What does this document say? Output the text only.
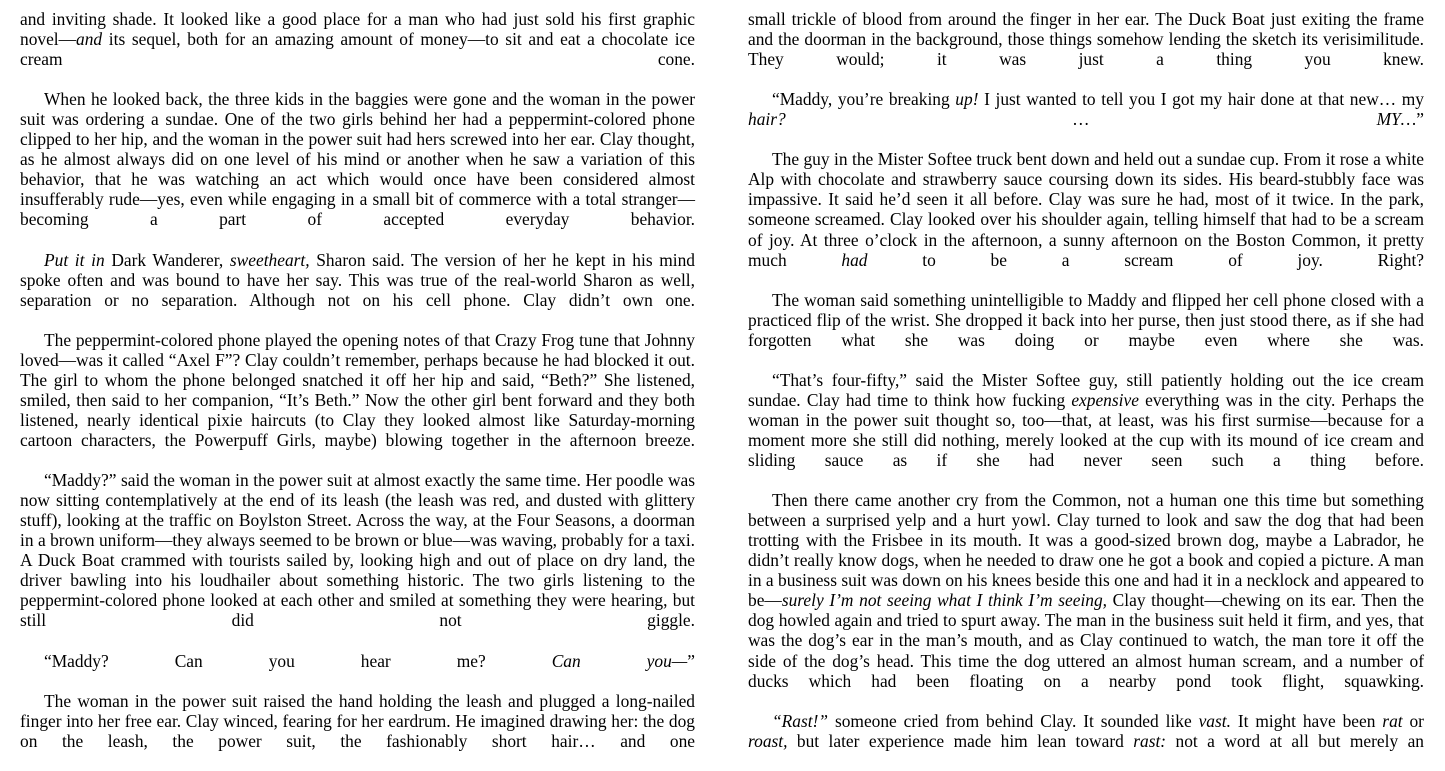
and inviting shade. It looked like a good place for a man who had just sold his first graphic novel—and its sequel, both for an amazing amount of money—to sit and eat a chocolate ice cream cone.

When he looked back, the three kids in the baggies were gone and the woman in the power suit was ordering a sundae. One of the two girls behind her had a peppermint-colored phone clipped to her hip, and the woman in the power suit had hers screwed into her ear. Clay thought, as he almost always did on one level of his mind or another when he saw a variation of this behavior, that he was watching an act which would once have been considered almost insufferably rude—yes, even while engaging in a small bit of commerce with a total stranger—becoming a part of accepted everyday behavior.

Put it in Dark Wanderer, sweetheart, Sharon said. The version of her he kept in his mind spoke often and was bound to have her say. This was true of the real-world Sharon as well, separation or no separation. Although not on his cell phone. Clay didn’t own one.

The peppermint-colored phone played the opening notes of that Crazy Frog tune that Johnny loved—was it called “Axel F”? Clay couldn’t remember, perhaps because he had blocked it out. The girl to whom the phone belonged snatched it off her hip and said, “Beth?” She listened, smiled, then said to her companion, “It’s Beth.” Now the other girl bent forward and they both listened, nearly identical pixie haircuts (to Clay they looked almost like Saturday-morning cartoon characters, the Powerpuff Girls, maybe) blowing together in the afternoon breeze.

“Maddy?” said the woman in the power suit at almost exactly the same time. Her poodle was now sitting contemplatively at the end of its leash (the leash was red, and dusted with glittery stuff), looking at the traffic on Boylston Street. Across the way, at the Four Seasons, a doorman in a brown uniform—they always seemed to be brown or blue—was waving, probably for a taxi. A Duck Boat crammed with tourists sailed by, looking high and out of place on dry land, the driver bawling into his loudhailer about something historic. The two girls listening to the peppermint-colored phone looked at each other and smiled at something they were hearing, but still did not giggle.

“Maddy? Can you hear me? Can you—”

The woman in the power suit raised the hand holding the leash and plugged a long-nailed finger into her free ear. Clay winced, fearing for her eardrum. He imagined drawing her: the dog on the leash, the power suit, the fashionably short hair… and one

small trickle of blood from around the finger in her ear. The Duck Boat just exiting the frame and the doorman in the background, those things somehow lending the sketch its verisimilitude. They would; it was just a thing you knew.

“Maddy, you’re breaking up! I just wanted to tell you I got my hair done at that new… my hair? … MY…”

The guy in the Mister Softee truck bent down and held out a sundae cup. From it rose a white Alp with chocolate and strawberry sauce coursing down its sides. His beard-stubbly face was impassive. It said he’d seen it all before. Clay was sure he had, most of it twice. In the park, someone screamed. Clay looked over his shoulder again, telling himself that had to be a scream of joy. At three o’clock in the afternoon, a sunny afternoon on the Boston Common, it pretty much had to be a scream of joy. Right?

The woman said something unintelligible to Maddy and flipped her cell phone closed with a practiced flip of the wrist. She dropped it back into her purse, then just stood there, as if she had forgotten what she was doing or maybe even where she was.

“That’s four-fifty,” said the Mister Softee guy, still patiently holding out the ice cream sundae. Clay had time to think how fucking expensive everything was in the city. Perhaps the woman in the power suit thought so, too—that, at least, was his first surmise—because for a moment more she still did nothing, merely looked at the cup with its mound of ice cream and sliding sauce as if she had never seen such a thing before.

Then there came another cry from the Common, not a human one this time but something between a surprised yelp and a hurt yowl. Clay turned to look and saw the dog that had been trotting with the Frisbee in its mouth. It was a good-sized brown dog, maybe a Labrador, he didn’t really know dogs, when he needed to draw one he got a book and copied a picture. A man in a business suit was down on his knees beside this one and had it in a necklock and appeared to be—surely I’m not seeing what I think I’m seeing, Clay thought—chewing on its ear. Then the dog howled again and tried to spurt away. The man in the business suit held it firm, and yes, that was the dog’s ear in the man’s mouth, and as Clay continued to watch, the man tore it off the side of the dog’s head. This time the dog uttered an almost human scream, and a number of ducks which had been floating on a nearby pond took flight, squawking.

“Rast!” someone cried from behind Clay. It sounded like vast. It might have been rat or roast, but later experience made him lean toward rast: not a word at all but merely an
